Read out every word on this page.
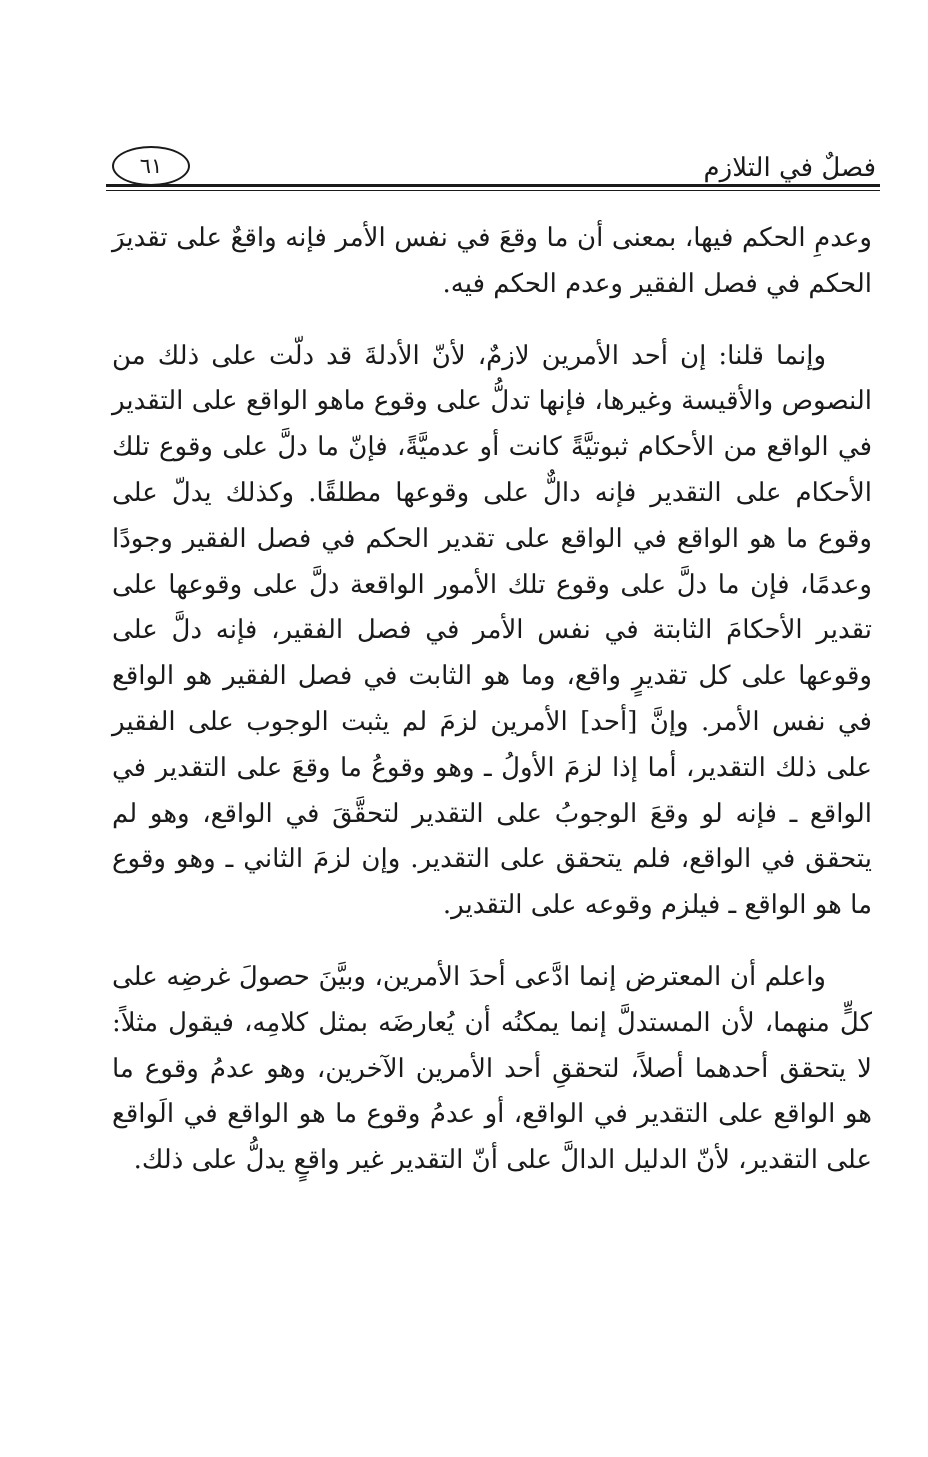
فصلٌ في التلازم
٦١

وعدمِ الحكم فيها، بمعنى أن ما وقعَ في نفس الأمر فإنه واقعٌ على تقديرَ الحكم في فصل الفقير وعدم الحكم فيه.

وإنما قلنا: إن أحد الأمرين لازمٌ، لأنّ الأدلةَ قد دلّت على ذلك من النصوص والأقيسة وغيرها، فإنها تدلُّ على وقوع ماهو الواقع على التقدير في الواقع من الأحكام ثبوتيَّةً كانت أو عدميَّةً، فإنّ ما دلَّ على وقوع تلك الأحكام على التقدير فإنه دالٌّ على وقوعها مطلقًا. وكذلك يدلّ على وقوع ما هو الواقع في الواقع على تقدير الحكم في فصل الفقير وجودًا وعدمًا، فإن ما دلَّ على وقوع تلك الأمور الواقعة دلَّ على وقوعها على تقدير الأحكامَ الثابتة في نفس الأمر في فصل الفقير، فإنه دلَّ على وقوعها على كل تقديرٍ واقع، وما هو الثابت في فصل الفقير هو الواقع في نفس الأمر. وإنَّ [أحد] الأمرين لزمَ لم يثبت الوجوب على الفقير على ذلك التقدير، أما إذا لزمَ الأولُ ـ وهو وقوعُ ما وقعَ على التقدير في الواقع ـ فإنه لو وقعَ الوجوبُ على التقدير لتحقَّقَ في الواقع، وهو لم يتحقق في الواقع، فلم يتحقق على التقدير. وإن لزمَ الثاني ـ وهو وقوع ما هو الواقع ـ فيلزم وقوعه على التقدير.

واعلم أن المعترض إنما ادَّعى أحدَ الأمرين، وبيَّنَ حصولَ غرضِه على كلٍّ منهما، لأن المستدلَّ إنما يمكنُه أن يُعارضَه بمثل كلامِه، فيقول مثلاً: لا يتحقق أحدهما أصلاً، لتحققِ أحد الأمرين الآخرين، وهو عدمُ وقوع ما هو الواقع على التقدير في الواقع، أو عدمُ وقوع ما هو الواقع في الَواقع على التقدير، لأنّ الدليل الدالَّ على أنّ التقدير غير واقعٍ يدلُّ على ذلك.
